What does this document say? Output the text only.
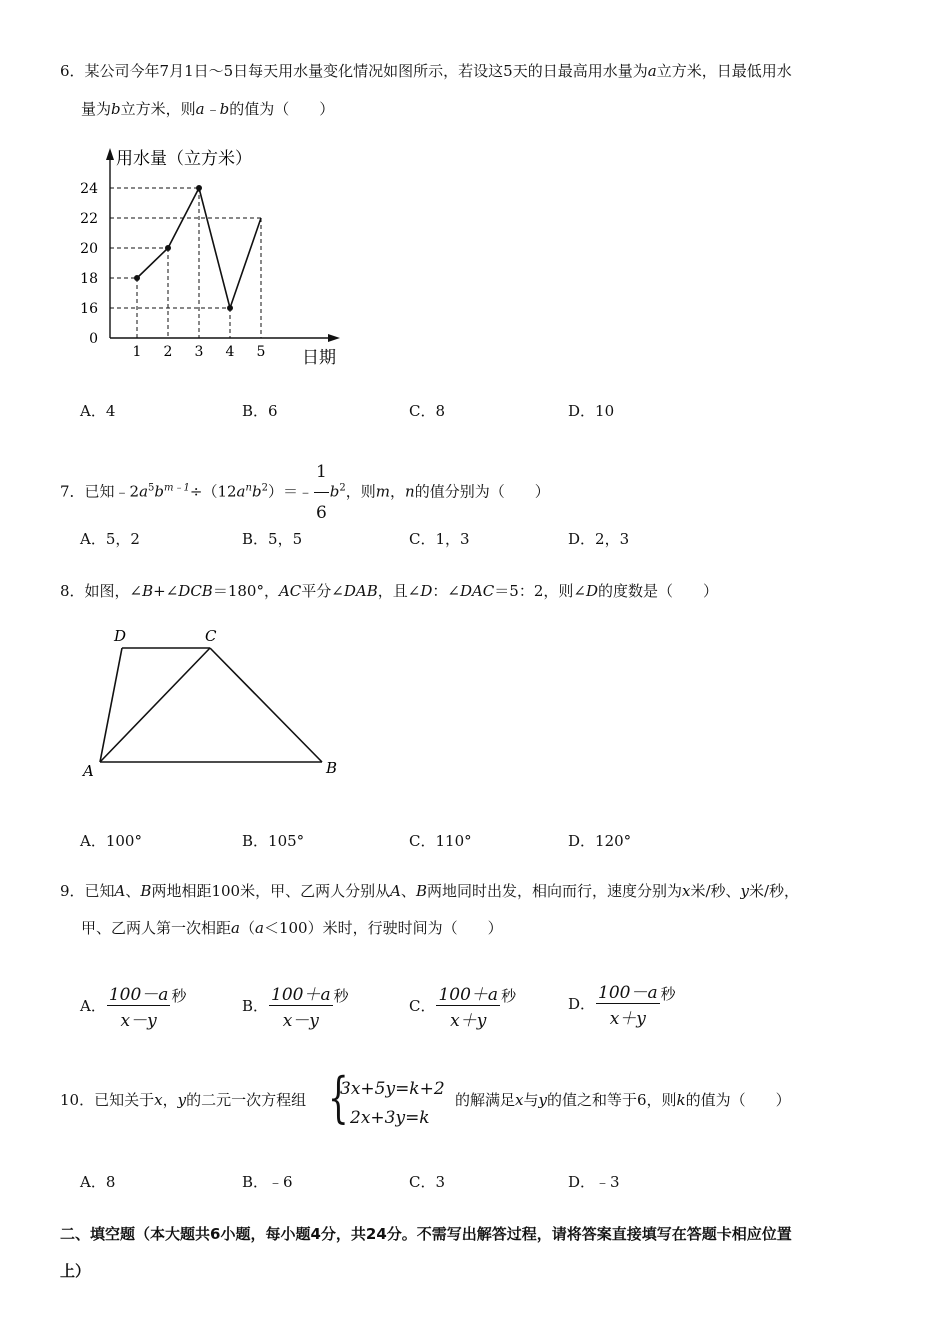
6．某公司今年7月1日～5日每天用水量变化情况如图所示，若设这5天的日最高用水量为a立方米，日最低用水
量为b立方米，则a﹣b的值为（　　）
0
16
18
20
22
24
1 2 3 4 5
用水量（立方米）
日期
A．4	B．6	C．8	D．10
7．已知$﹣2a^5b^{m﹣1}\div(12a^nb^2)=﹣ \frac{1}{6} b^2$，则m，n的值分别为（　　）
A．5，2	B．5，5	C．1，3	D．2，3
8．如图，∠B+∠DCB＝180°，AC平分∠DAB，且∠D：∠DAC＝5：2，则∠D的度数是（　　）
D	C
A	B
A．100°	B．105°	C．110°	D．120°
9．已知A、B两地相距100米，甲、乙两人分别从A、B两地同时出发，相向而行，速度分别为x米/秒、y米/秒，
甲、乙两人第一次相距a（a＜100）米时，行驶时间为（　　）
A． $\frac{100-a}{x-y}$ 秒
B． $\frac{100+a}{x-y}$ 秒
C． $\frac{100+a}{x+y}$ 秒	D． $\frac{100-a}{x+y}$ 秒
10．已知关于x，y的二元一次方程组 {
3x+5y=k+2
2x+3y=k
的解满足x与y的值之和等于6，则k的值为（　　）
A．8	B．﹣6	C．3	D．﹣3
二、填空题（本大题共6小题，每小题4分，共24分。不需写出解答过程，请将答案直接填写在答题卡相应位置
上）
